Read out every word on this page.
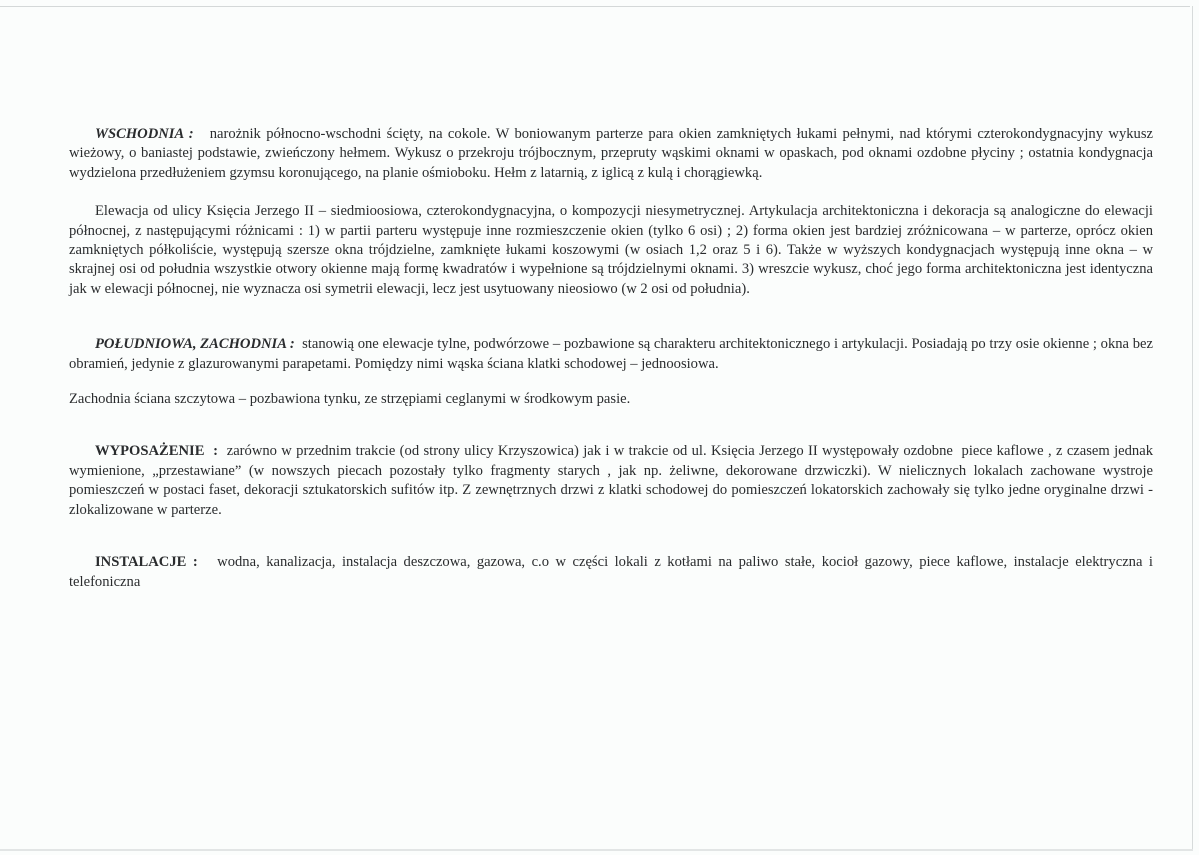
WSCHODNIA :   narożnik północno-wschodni ścięty, na cokole. W boniowanym parterze para okien zamkniętych łukami pełnymi, nad którymi czterokondygnacyjny wykusz wieżowy, o baniastej podstawie, zwieńczony hełmem. Wykusz o przekroju trójbocznym, przepruty wąskimi oknami w opaskach, pod oknami ozdobne płyciny ; ostatnia kondygnacja wydzielona przedłużeniem gzymsu koronującego, na planie ośmioboku. Hełm z latarnią, z iglicą z kulą i chorągiewką.

Elewacja od ulicy Księcia Jerzego II – siedmioosiowa, czterokondygnacyjna, o kompozycji niesymetrycznej. Artykulacja architektoniczna i dekoracja są analogiczne do elewacji północnej, z następującymi różnicami : 1) w partii parteru występuje inne rozmieszczenie okien (tylko 6 osi) ; 2) forma okien jest bardziej zróżnicowana – w parterze, oprócz okien zamkniętych półkoliście, występują szersze okna trójdzielne, zamknięte łukami koszowymi (w osiach 1,2 oraz 5 i 6). Także w wyższych kondygnacjach występują inne okna – w skrajnej osi od południa wszystkie otwory okienne mają formę kwadratów i wypełnione są trójdzielnymi oknami. 3) wreszcie wykusz, choć jego forma architektoniczna jest identyczna jak w elewacji północnej, nie wyznacza osi symetrii elewacji, lecz jest usytuowany nieosiowo (w 2 osi od południa).

POŁUDNIOWA, ZACHODNIA :  stanowią one elewacje tylne, podwórzowe – pozbawione są charakteru architektonicznego i artykulacji. Posiadają po trzy osie okienne ; okna bez obramień, jedynie z glazurowanymi parapetami. Pomiędzy nimi wąska ściana klatki schodowej – jednoosiowa.

Zachodnia ściana szczytowa – pozbawiona tynku, ze strzępiami ceglanymi w środkowym pasie.

WYPOSAŻENIE  :  zarówno w przednim trakcie (od strony ulicy Krzyszowica) jak i w trakcie od ul. Księcia Jerzego II występowały ozdobne  piece kaflowe , z czasem jednak wymienione, „przestawiane” (w nowszych piecach pozostały tylko fragmenty starych , jak np. żeliwne, dekorowane drzwiczki). W nielicznych lokalach zachowane wystroje pomieszczeń w postaci faset, dekoracji sztukatorskich sufitów itp. Z zewnętrznych drzwi z klatki schodowej do pomieszczeń lokatorskich zachowały się tylko jedne oryginalne drzwi - zlokalizowane w parterze.

INSTALACJE :   wodna, kanalizacja, instalacja deszczowa, gazowa, c.o w części lokali z kotłami na paliwo stałe, kocioł gazowy, piece kaflowe, instalacje elektryczna i telefoniczna
